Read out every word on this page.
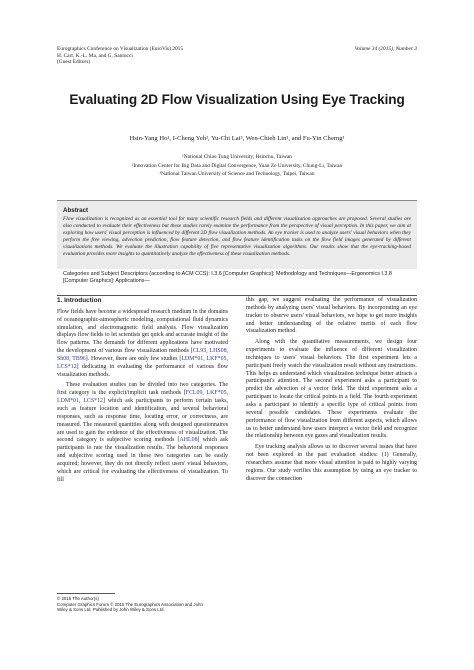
Eurographics Conference on Visualization (EuroVis) 2015
H. Carr, K.-L. Ma, and G. Santucci
(Guest Editors)
Volume 34 (2015), Number 3
Evaluating 2D Flow Visualization Using Eye Tracking
Hsin-Yang Ho¹, I-Cheng Yeh², Yu-Chi Lai³, Wen-Chieh Lin¹, and Fu-Yin Cherng¹
¹National Chiao Tung University, Hsinchu, Taiwan
²Innovation Center for Big Data and Digital Convergence, Yuan Ze University, Chung-Li, Taiwan
³National Taiwan University of Science and Technology, Taipei, Taiwan
Abstract
Flow visualization is recognized as an essential tool for many scientific research fields and different visualization approaches are proposed. Several studies are also conducted to evaluate their effectiveness but these studies rarely examine the performance from the perspective of visual perception. In this paper, we aim at exploring how users' visual perception is influenced by different 2D flow visualization methods. An eye tracker is used to analyze users' visual behaviors when they perform the free viewing, advection prediction, flow feature detection, and flow feature identification tasks on the flow field images generated by different visualizations methods. We evaluate the illustration capability of five representative visualization algorithms. Our results show that the eye-tracking-based evaluation provides more insights to quantitatively analyze the effectiveness of these visualization methods.
Categories and Subject Descriptors (according to ACM CCS): I.3.6 [Computer Graphics]: Methodology and Techniques—Ergonomics I.3.8 [Computer Graphics]: Applications—
1. Introduction

Flow fields have become a widespread research medium in the domains of oceanographic-atmospheric modeling, computational fluid dynamics simulation, and electromagnetic field analysis. Flow visualization displays flow fields to let scientists get quick and accurate insight of the flow patterns. The demands for different applications have motivated the development of various flow visualization methods [CL93, LHS08, Sh08, TB96]. However, there are only few studies [LDM*01, LKF*05, LCS*12] dedicating in evaluating the performance of various flow visualization methods.

These evaluation studies can be divided into two categories. The first category is the explicit/implicit task methods [FCL09, LKF*05, LDM*01, LCS*12] which ask participants to perform certain tasks, such as feature location and identification, and several behavioral responses, such as response time, locating error, or correctness, are measured. The measured quantities along with designed questionnaires are used to gain the evidence of the effectiveness of visualization. The second category is subjective scoring methods [AHL08] which ask participants to rate the visualization results. The behavioral responses and subjective scoring used in these two categories can be easily acquired; however, they do not directly reflect users' visual behaviors, which are critical for evaluating the effectiveness of visualization. To fill

this gap, we suggest evaluating the performance of visualization methods by analyzing users' visual behaviors. By incorporating an eye tracker to observe users' visual behaviors, we hope to get more insights and better understanding of the relative merits of each flow visualization method.

Along with the quantitative measurements, we design four experiments to evaluate the influence of different visualization techniques to users' visual behaviors. The first experiment lets a participant freely watch the visualization result without any instructions. This helps us understand which visualization technique better attracts a participant's attention. The second experiment asks a participant to predict the advection of a vector field. The third experiment asks a participant to locate the critical points in a field. The fourth experiment asks a participant to identify a specific type of critical points from several possible candidates. These experiments evaluate the performance of flow visualization from different aspects, which allows us to better understand how users interpret a vector field and recognize the relationship between eye gazes and visualization results.

Eye tracking analysis allows us to discover several issues that have not been explored in the past evaluation studies: (1) Generally, researchers assume that more visual attention is paid to highly varying regions. Our study verifies this assumption by using an eye tracker to discover the connection

© 2015 The Author(s)
Computer Graphics Forum © 2015 The Eurographics Association and John
Wiley & Sons Ltd. Published by John Wiley & Sons Ltd.
